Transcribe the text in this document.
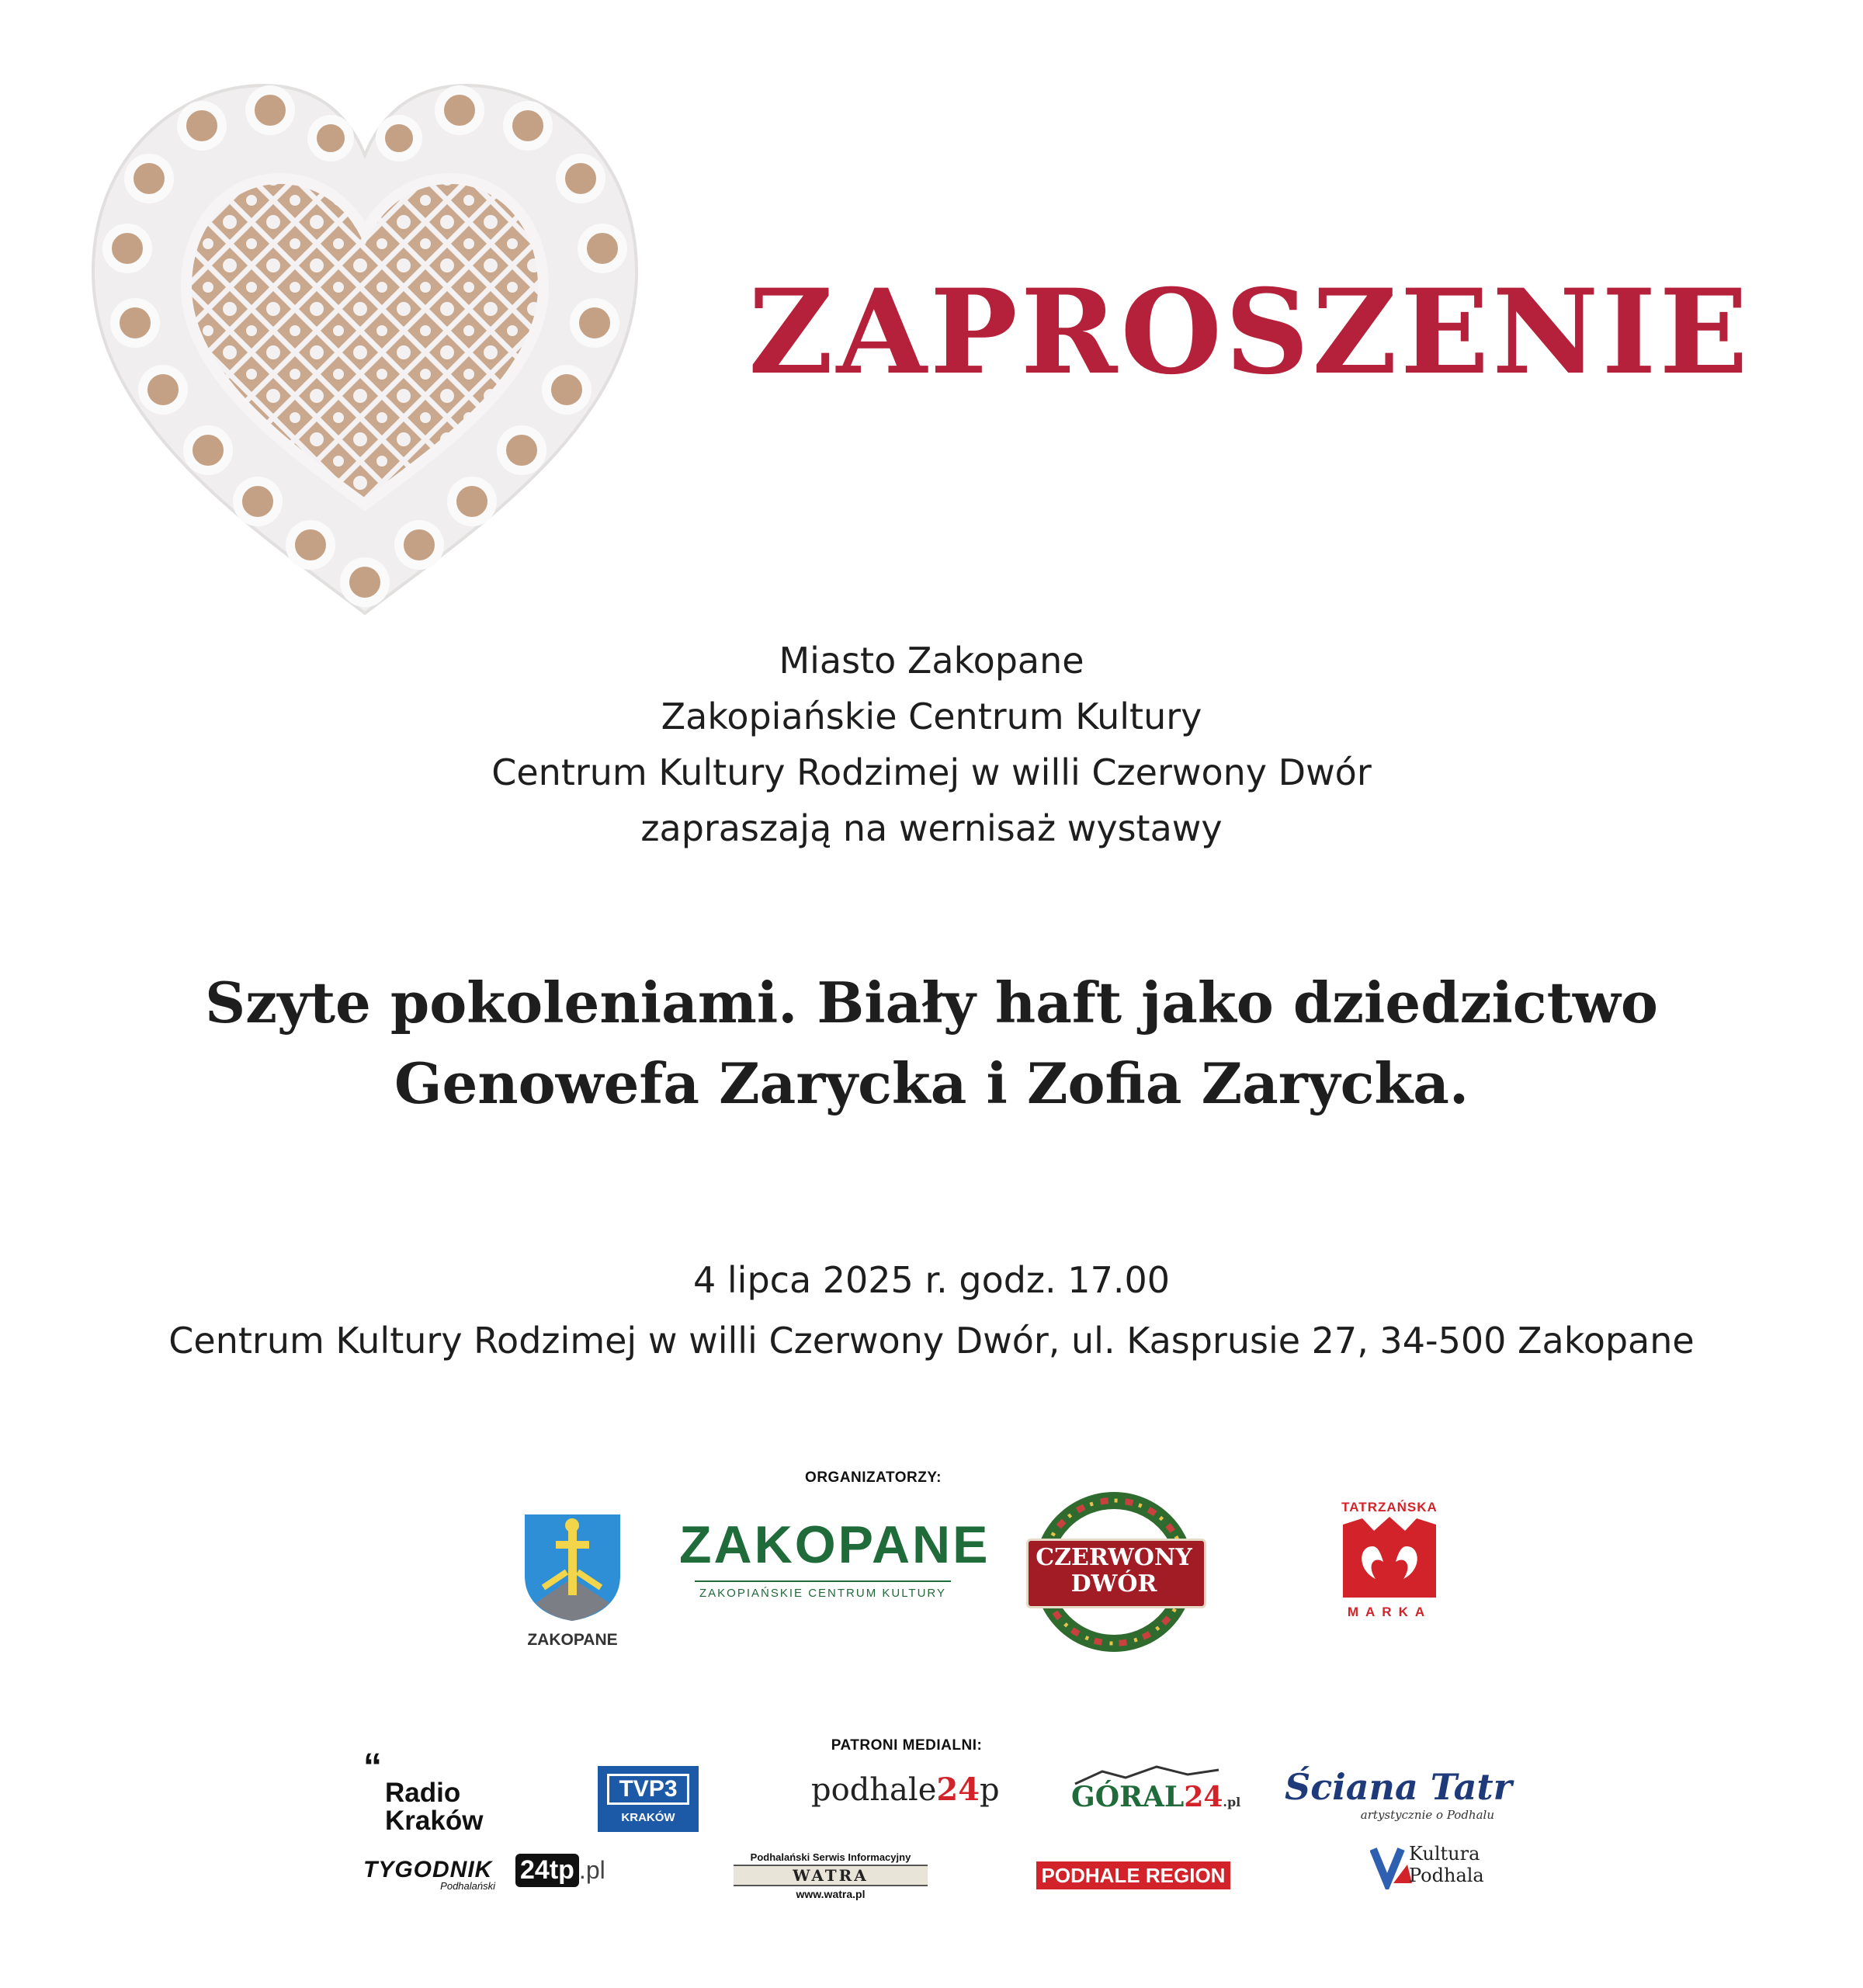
ZAPROSZENIE
Miasto Zakopane
Zakopiańskie Centrum Kultury
Centrum Kultury Rodzimej w willi Czerwony Dwór
zapraszają na wernisaż wystawy
Szyte pokoleniami. Biały haft jako dziedzictwo
Genowefa Zarycka i Zofia Zarycka.
4 lipca 2025 r. godz. 17.00
Centrum Kultury Rodzimej w willi Czerwony Dwór, ul. Kasprusie 27, 34-500 Zakopane
ORGANIZATORZY:
ZAKOPANE
ZAKOPANE
ZAKOPIAŃSKIE CENTRUM KULTURY
CZERWONY
DWÓR
TATRZAŃSKA
MARKA
PATRONI MEDIALNI:
“
Radio
Kraków
TVP3
KRAKÓW
podhale24p	GÓRAL24.pl Ściana Tatr
artystycznie o Podhalu
TYGODNIK
Podhalański
24tp .pl	Podhalański Serwis Informacyjny
WATRA
www.watra.pl
PODHALE REGION
Kultura
Podhala
